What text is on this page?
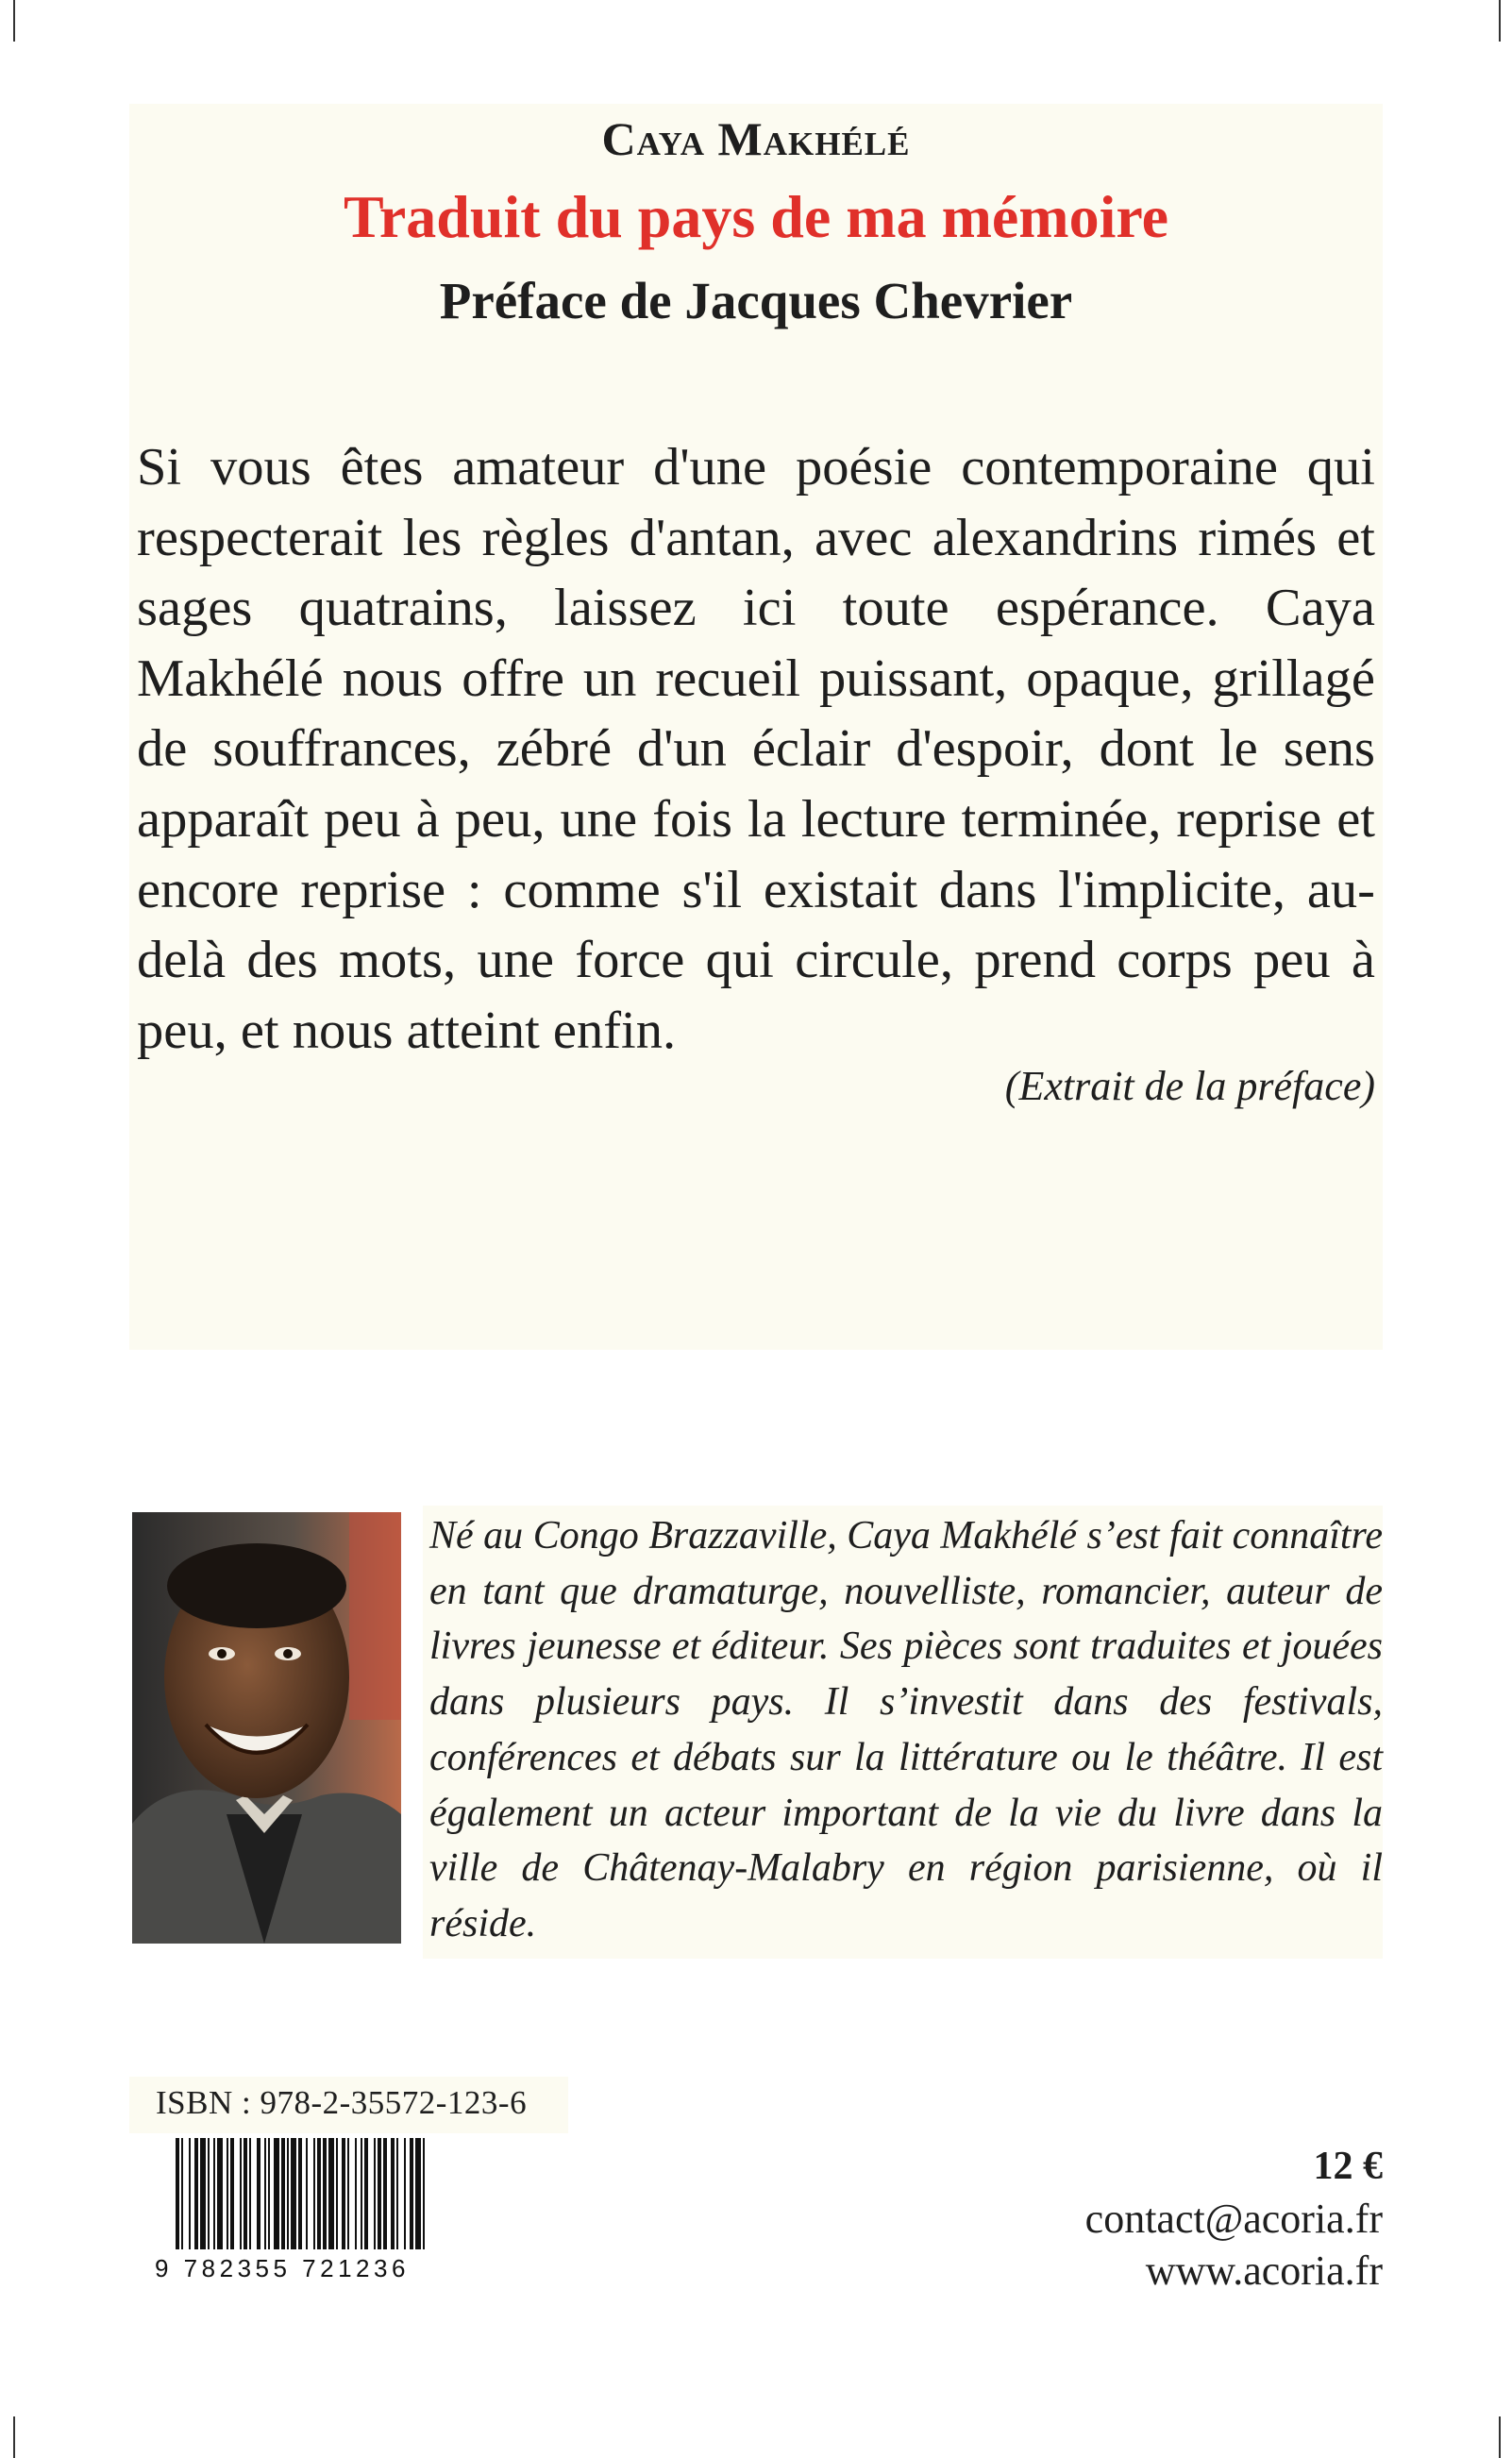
Caya Makhélé
Traduit du pays de ma mémoire
Préface de Jacques Chevrier

Si vous êtes amateur d'une poésie contemporaine qui respecterait les règles d'antan, avec alexandrins rimés et sages quatrains, laissez ici toute espérance. Caya Makhélé nous offre un recueil puissant, opaque, grillagé de souffrances, zébré d'un éclair d'espoir, dont le sens apparaît peu à peu, une fois la lecture terminée, reprise et encore reprise : comme s'il existait dans l'implicite, au-delà des mots, une force qui circule, prend corps peu à peu, et nous atteint enfin.

(Extrait de la préface)

Né au Congo Brazzaville, Caya Makhélé s’est fait connaître en tant que dramaturge, nouvelliste, romancier, auteur de livres jeunesse et éditeur. Ses pièces sont traduites et jouées dans plusieurs pays. Il s’investit dans des festivals, conférences et débats sur la littérature ou le théâtre. Il est également un acteur important de la vie du livre dans la ville de Châtenay-Malabry en région parisienne, où il réside.

ISBN : 978-2-35572-123-6
9 782355 721236
12 €
contact@acoria.fr
www.acoria.fr
